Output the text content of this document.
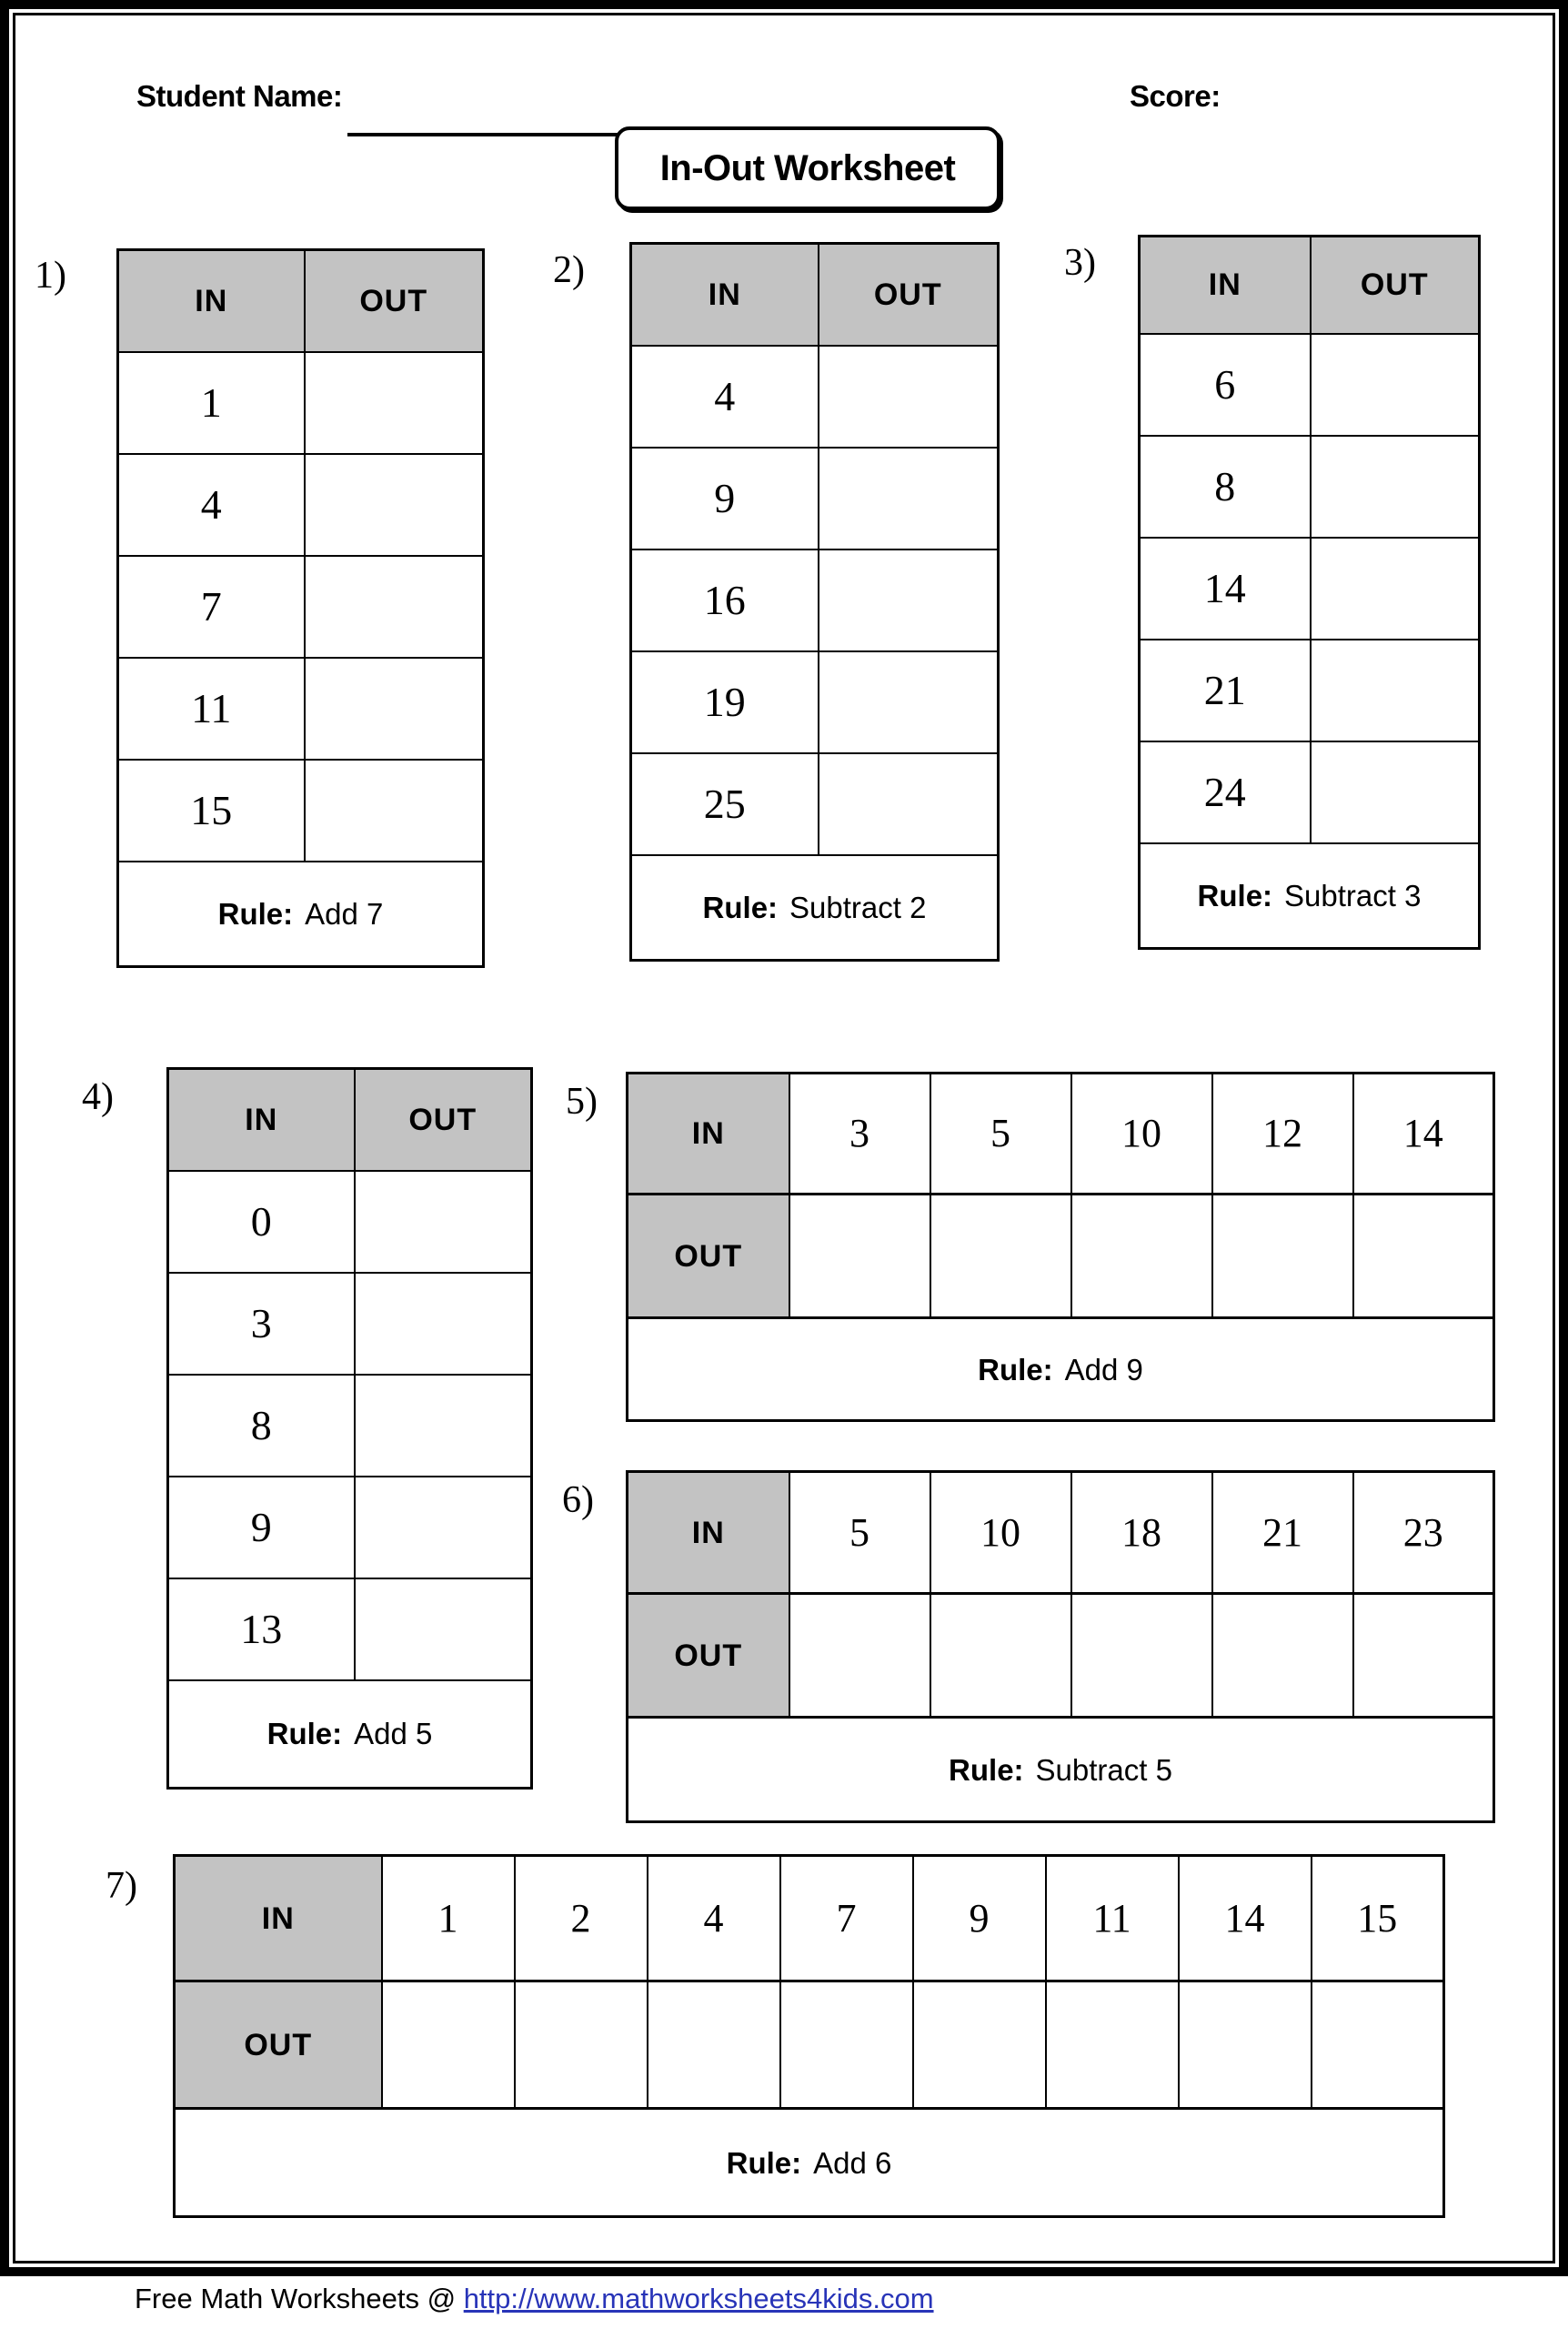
Student Name:	Score:
In-Out Worksheet
1)
IN	OUT
1	
4	
7	
11	
15	
Rule: Add 7	
2)
IN	OUT
4	
9	
16	
19	
25	
Rule: Subtract 2	
3)
IN	OUT
6	
8	
14	
21	
24	
Rule: Subtract 3	
4)
IN	OUT
0	
3	
8	
9	
13	
Rule: Add 5	
5)
IN	3	5	10	12	14
OUT					
Rule: Add 9					
6)
IN	5	10	18	21	23
OUT					
Rule: Subtract 5					
7)
IN	1	2	4	7	9	11	14	15
OUT								
Rule: Add 6								
Free Math Worksheets @ http://www.mathworksheets4kids.com
